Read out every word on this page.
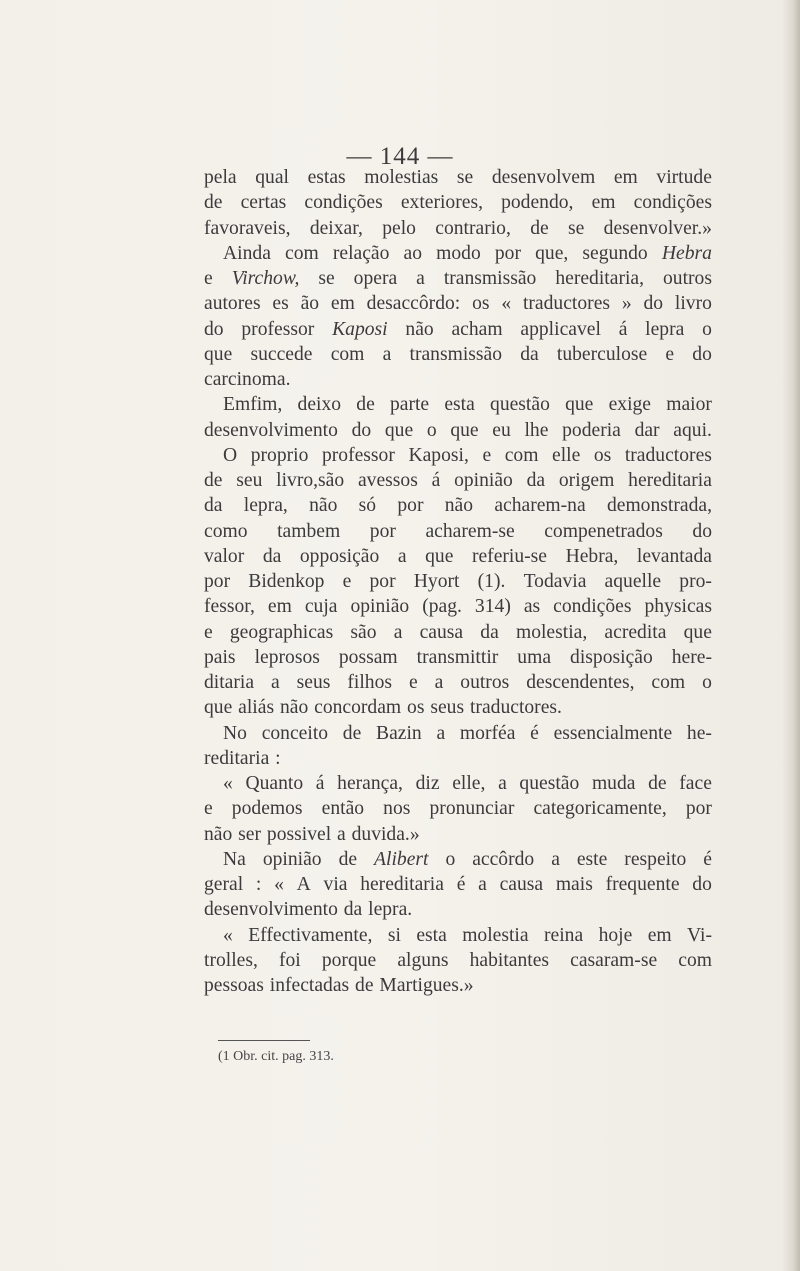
— 144 —
pela qual estas molestias se desenvolvem em virtude
de certas condições exteriores, podendo, em condições
favoraveis, deixar, pelo contrario, de se desenvolver.»
Ainda com relação ao modo por que, segundo Hebra
e Virchow, se opera a transmissão hereditaria, outros
autores es ão em desaccôrdo: os « traductores » do livro
do professor Kaposi não acham applicavel á lepra o
que succede com a transmissão da tuberculose e do
carcinoma.
Emfim, deixo de parte esta questão que exige maior
desenvolvimento do que o que eu lhe poderia dar aqui.
O proprio professor Kaposi, e com elle os traductores
de seu livro,são avessos á opinião da origem hereditaria
da lepra, não só por não acharem-na demonstrada,
como tambem por acharem-se compenetrados do
valor da opposição a que referiu-se Hebra, levantada
por Bidenkop e por Hyort (1). Todavia aquelle pro-
fessor, em cuja opinião (pag. 314) as condições physicas
e geographicas são a causa da molestia, acredita que
pais leprosos possam transmittir uma disposição here-
ditaria a seus filhos e a outros descendentes, com o
que aliás não concordam os seus traductores.
No conceito de Bazin a morféa é essencialmente he-
reditaria :
« Quanto á herança, diz elle, a questão muda de face
e podemos então nos pronunciar categoricamente, por
não ser possivel a duvida.»
Na opinião de Alibert o accôrdo a este respeito é
geral : « A via hereditaria é a causa mais frequente do
desenvolvimento da lepra.
« Effectivamente, si esta molestia reina hoje em Vi-
trolles, foi porque alguns habitantes casaram-se com
pessoas infectadas de Martigues.»
(1 Obr. cit. pag. 313.
